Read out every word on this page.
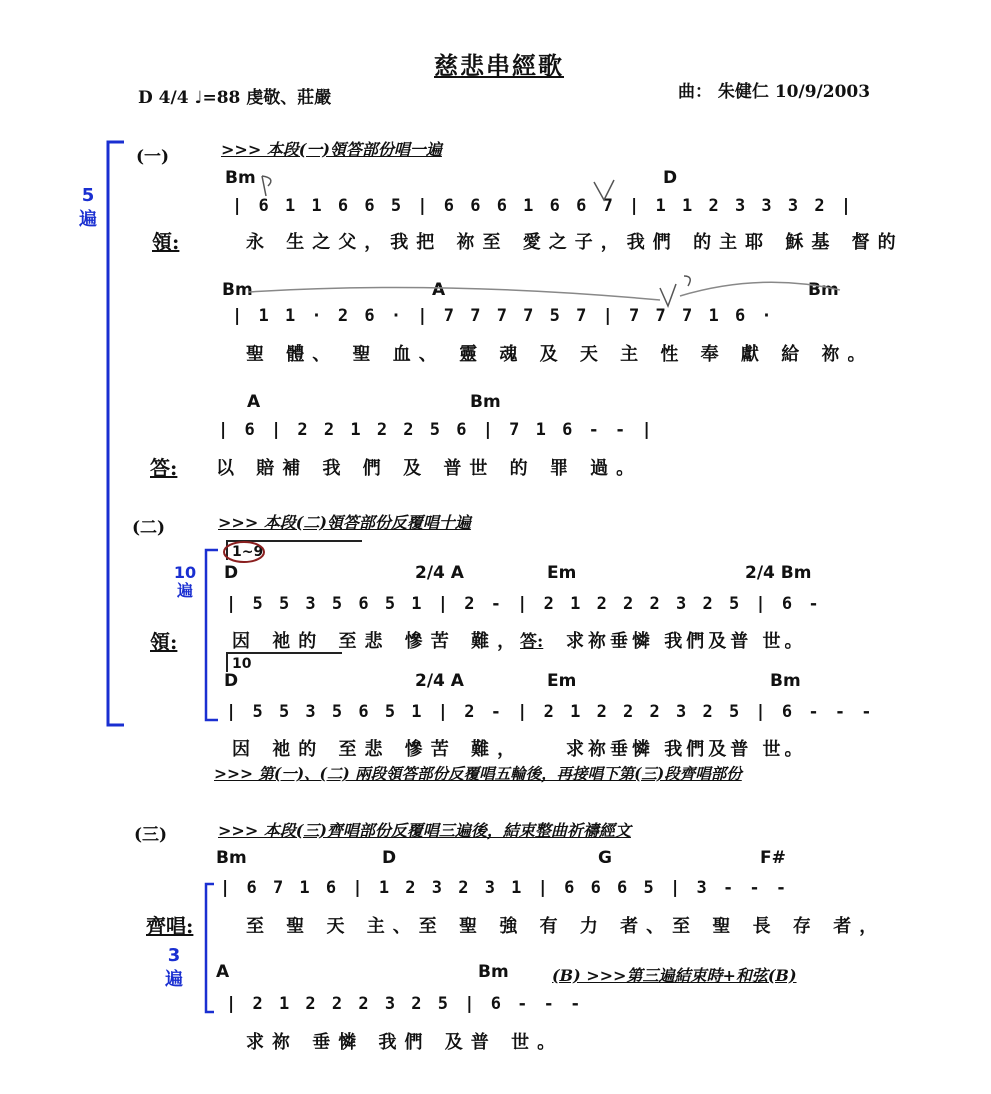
慈悲串經歌
D 4/4 ♩=88 虔敬、莊嚴	曲： 朱健仁 10/9/2003
5
遍
10
遍
3
遍
(一)	>>> 本段(一)領答部份唱一遍
(二)	>>> 本段(二)領答部份反覆唱十遍
(三)	>>> 本段(三)齊唱部份反覆唱三遍後，結束整曲祈禱經文
>>> 第(一)、(二) 兩段領答部份反覆唱五輪後，再接唱下第(三)段齊唱部份
領:
答:
領:	答:
齊唱:
1~9
10
(B) >>>第三遍結束時+和弦(B)
Bm	D
| 6 1 1 6 6 5 | 6 6 6 1 6 6 7 | 1 1 2 3 3 3 2 |
永 生之父，我把 祢至 愛之子，我們 的主耶 穌基 督的
Bm	A	Bm
| 1 1 · 2 6 · | 7 7 7 7 5 7 | 7 7 7 1 6 ·
聖 體、 聖 血、 靈 魂 及 天 主 性 奉 獻 給 祢。
A	Bm
| 6 | 2 2 1 2 2 5 6 | 7 1 6 - - |
以 賠補 我 們 及 普世 的 罪 過。
D	2/4 A	Em	2/4 Bm
| 5 5 3 5 6 5 1 | 2 - | 2 1 2 2 2 3 2 5 | 6 -
因 祂的 至悲 慘苦 難， 求祢垂憐 我們及普 世。
D	2/4 A	Em	Bm
| 5 5 3 5 6 5 1 | 2 - | 2 1 2 2 2 3 2 5 | 6 - - -
因 祂的 至悲 慘苦 難， 求祢垂憐 我們及普 世。
Bm	D	G	F#
| 6 7 1 6 | 1 2 3 2 3 1 | 6 6 6 5 | 3 - - -
至 聖 天 主、至 聖 強 有 力 者、至 聖 長 存 者，
A	Bm
| 2 1 2 2 2 3 2 5 | 6 - - -
求祢 垂憐 我們 及普 世。
